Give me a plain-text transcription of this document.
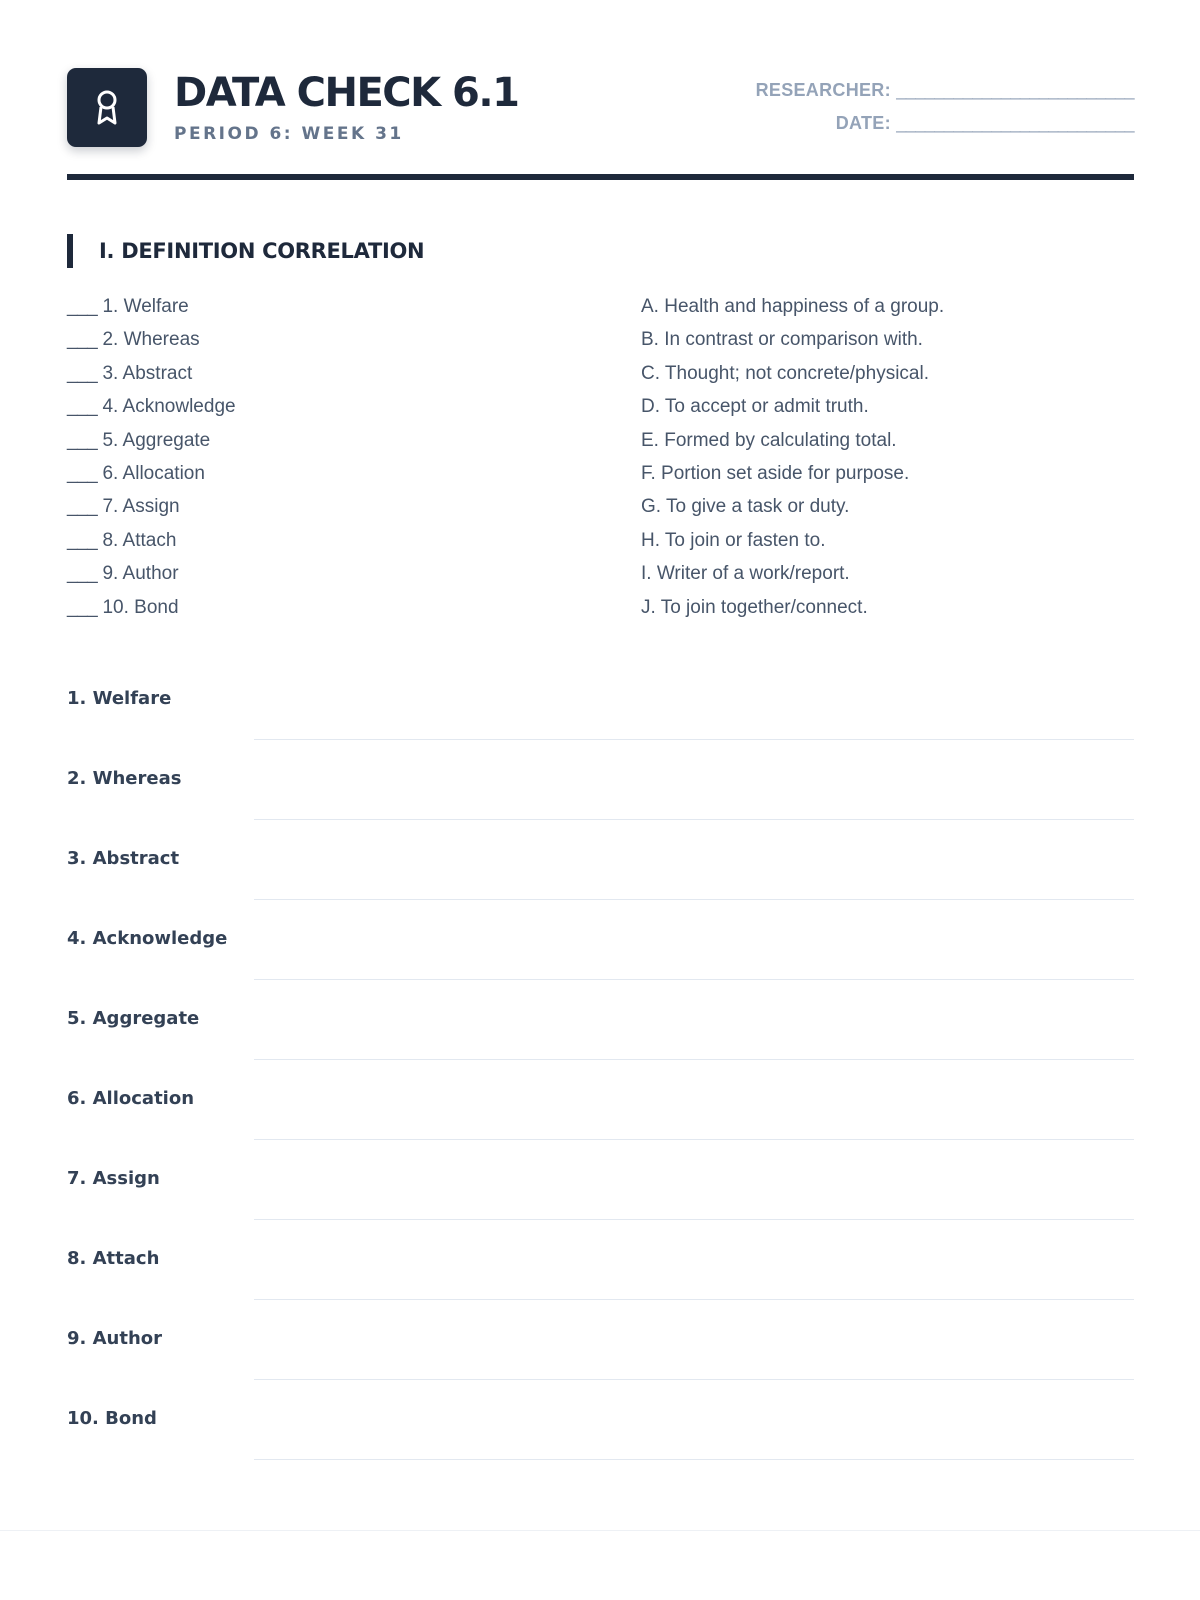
DATA CHECK 6.1
PERIOD 6: WEEK 31
RESEARCHER: _________________________
DATE: _________________________
I. DEFINITION CORRELATION
___ 1. Welfare
___ 2. Whereas
___ 3. Abstract
___ 4. Acknowledge
___ 5. Aggregate
___ 6. Allocation
___ 7. Assign
___ 8. Attach
___ 9. Author
___ 10. Bond
A. Health and happiness of a group.
B. In contrast or comparison with.
C. Thought; not concrete/physical.
D. To accept or admit truth.
E. Formed by calculating total.
F. Portion set aside for purpose.
G. To give a task or duty.
H. To join or fasten to.
I. Writer of a work/report.
J. To join together/connect.
1. Welfare
2. Whereas
3. Abstract
4. Acknowledge
5. Aggregate
6. Allocation
7. Assign
8. Attach
9. Author
10. Bond
